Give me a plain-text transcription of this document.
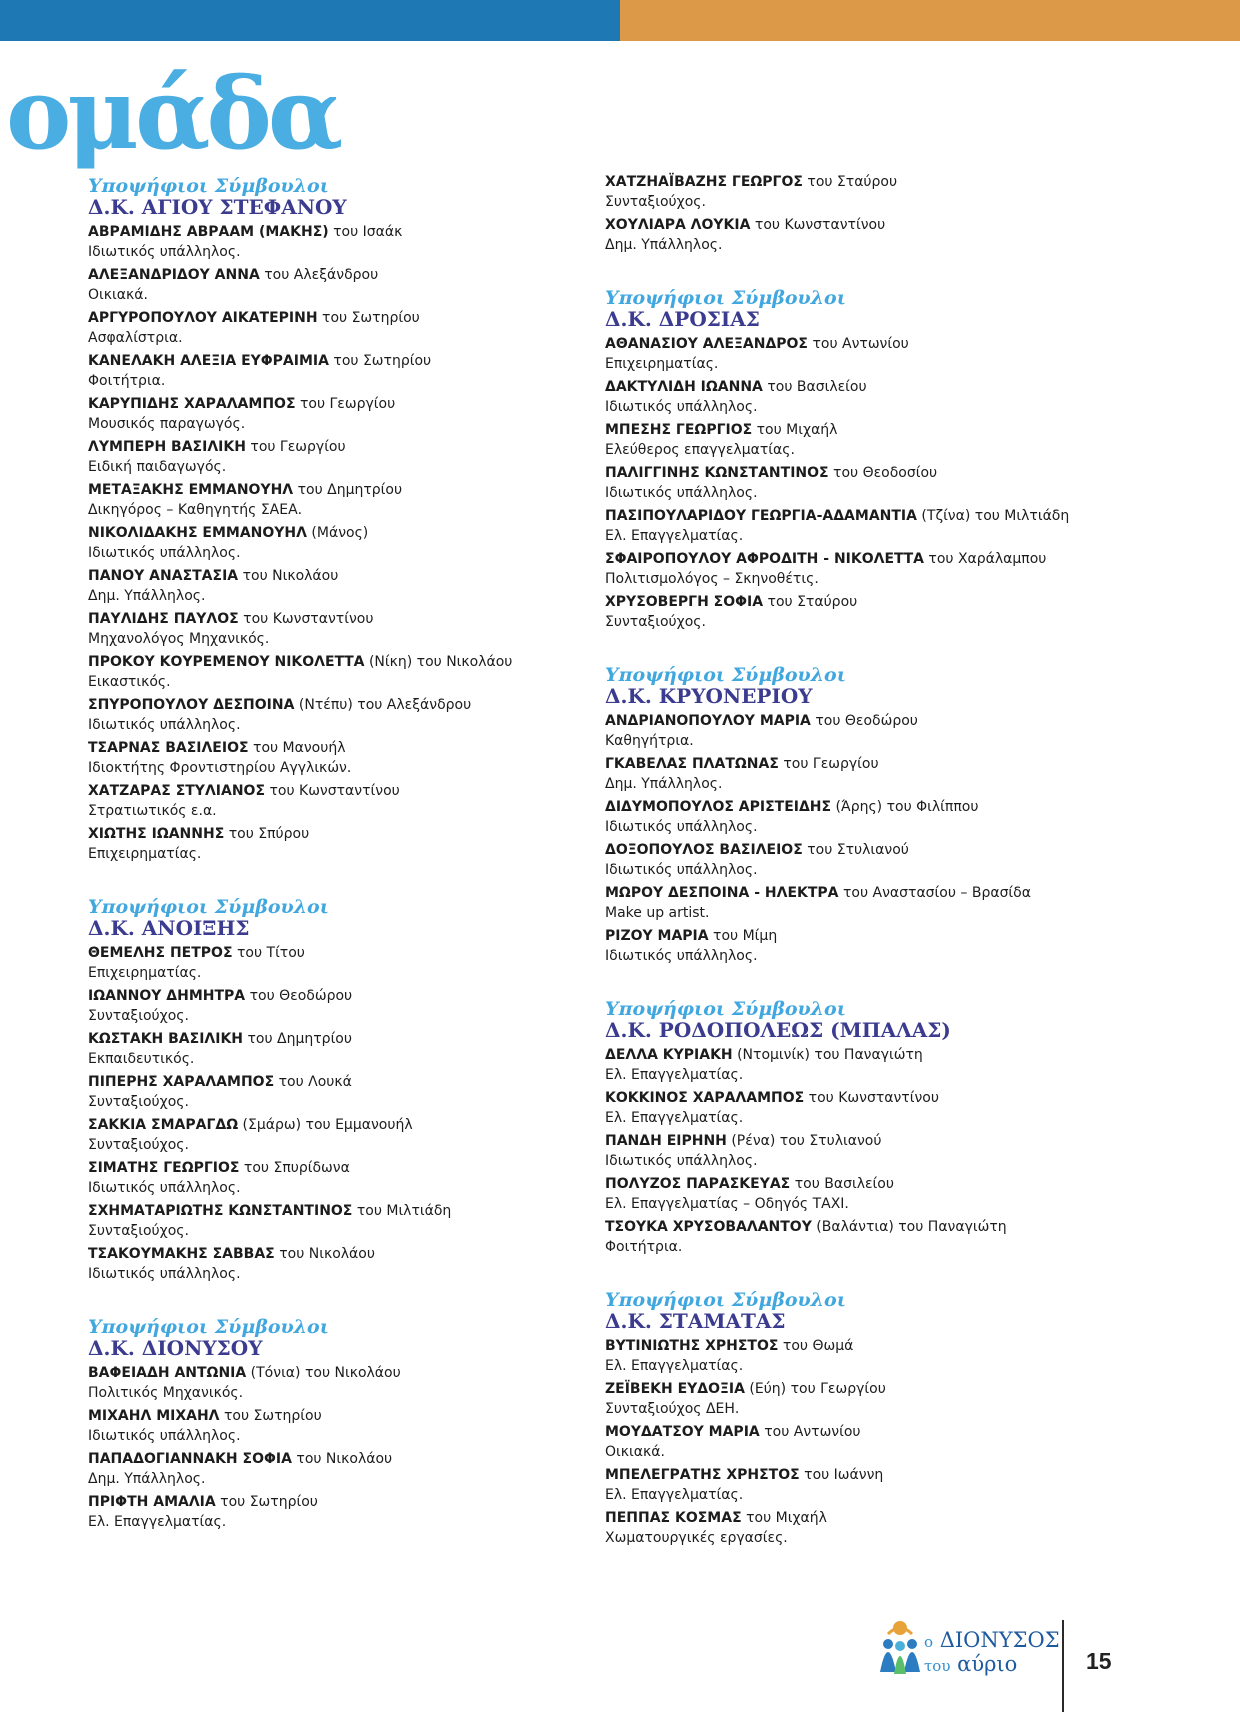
ομάδα
Υποψήφιοι Σύμβουλοι
Δ.Κ. ΑΓΙΟΥ ΣΤΕΦΑΝΟΥ
ΑΒΡΑΜΙΔΗΣ ΑΒΡΑΑΜ (ΜΑΚΗΣ) του Ισαάκ
Ιδιωτικός υπάλληλος.
ΑΛΕΞΑΝΔΡΙΔΟΥ ΑΝΝΑ του Αλεξάνδρου
Οικιακά.
ΑΡΓΥΡΟΠΟΥΛΟΥ ΑΙΚΑΤΕΡΙΝΗ του Σωτηρίου
Ασφαλίστρια.
ΚΑΝΕΛΑΚΗ ΑΛΕΞΙΑ ΕΥΦΡΑΙΜΙΑ του Σωτηρίου
Φοιτήτρια.
ΚΑΡΥΠΙΔΗΣ ΧΑΡΑΛΑΜΠΟΣ του Γεωργίου
Μουσικός παραγωγός.
ΛΥΜΠΕΡΗ ΒΑΣΙΛΙΚΗ του Γεωργίου
Ειδική παιδαγωγός.
ΜΕΤΑΞΑΚΗΣ ΕΜΜΑΝΟΥΗΛ του Δημητρίου
Δικηγόρος – Καθηγητής ΣΑΕΑ.
ΝΙΚΟΛΙΔΑΚΗΣ ΕΜΜΑΝΟΥΗΛ (Μάνος)
Ιδιωτικός υπάλληλος.
ΠΑΝΟΥ ΑΝΑΣΤΑΣΙΑ του Νικολάου
Δημ. Υπάλληλος.
ΠΑΥΛΙΔΗΣ ΠΑΥΛΟΣ του Κωνσταντίνου
Μηχανολόγος Μηχανικός.
ΠΡΟΚΟΥ ΚΟΥΡΕΜΕΝΟΥ ΝΙΚΟΛΕΤΤΑ (Νίκη) του Νικολάου
Εικαστικός.
ΣΠΥΡΟΠΟΥΛΟΥ ΔΕΣΠΟΙΝΑ (Ντέπυ) του Αλεξάνδρου
Ιδιωτικός υπάλληλος.
ΤΣΑΡΝΑΣ ΒΑΣΙΛΕΙΟΣ του Μανουήλ
Ιδιοκτήτης Φροντιστηρίου Αγγλικών.
ΧΑΤΖΑΡΑΣ ΣΤΥΛΙΑΝΟΣ του Κωνσταντίνου
Στρατιωτικός ε.α.
ΧΙΩΤΗΣ ΙΩΑΝΝΗΣ του Σπύρου
Επιχειρηματίας.
Υποψήφιοι Σύμβουλοι
Δ.Κ. ΑΝΟΙΞΗΣ
ΘΕΜΕΛΗΣ ΠΕΤΡΟΣ του Τίτου
Επιχειρηματίας.
ΙΩΑΝΝΟΥ ΔΗΜΗΤΡΑ του Θεοδώρου
Συνταξιούχος.
ΚΩΣΤΑΚΗ ΒΑΣΙΛΙΚΗ του Δημητρίου
Εκπαιδευτικός.
ΠΙΠΕΡΗΣ ΧΑΡΑΛΑΜΠΟΣ του Λουκά
Συνταξιούχος.
ΣΑΚΚΙΑ ΣΜΑΡΑΓΔΩ (Σμάρω) του Εμμανουήλ
Συνταξιούχος.
ΣΙΜΑΤΗΣ ΓΕΩΡΓΙΟΣ του Σπυρίδωνα
Ιδιωτικός υπάλληλος.
ΣΧΗΜΑΤΑΡΙΩΤΗΣ ΚΩΝΣΤΑΝΤΙΝΟΣ του Μιλτιάδη
Συνταξιούχος.
ΤΣΑΚΟΥΜΑΚΗΣ ΣΑΒΒΑΣ του Νικολάου
Ιδιωτικός υπάλληλος.
Υποψήφιοι Σύμβουλοι
Δ.Κ. ΔΙΟΝΥΣΟΥ
ΒΑΦΕΙΑΔΗ ΑΝΤΩΝΙΑ (Τόνια) του Νικολάου
Πολιτικός Μηχανικός.
ΜΙΧΑΗΛ ΜΙΧΑΗΛ του Σωτηρίου
Ιδιωτικός υπάλληλος.
ΠΑΠΑΔΟΓΙΑΝΝΑΚΗ ΣΟΦΙΑ του Νικολάου
Δημ. Υπάλληλος.
ΠΡΙΦΤΗ ΑΜΑΛΙΑ του Σωτηρίου
Ελ. Επαγγελματίας.
ΧΑΤΖΗΑΪΒΑΖΗΣ ΓΕΩΡΓΟΣ του Σταύρου
Συνταξιούχος.
ΧΟΥΛΙΑΡΑ ΛΟΥΚΙΑ του Κωνσταντίνου
Δημ. Υπάλληλος.
Υποψήφιοι Σύμβουλοι
Δ.Κ. ΔΡΟΣΙΑΣ
ΑΘΑΝΑΣΙΟΥ ΑΛΕΞΑΝΔΡΟΣ του Αντωνίου
Επιχειρηματίας.
ΔΑΚΤΥΛΙΔΗ ΙΩΑΝΝΑ του Βασιλείου
Ιδιωτικός υπάλληλος.
ΜΠΕΣΗΣ ΓΕΩΡΓΙΟΣ του Μιχαήλ
Ελεύθερος επαγγελματίας.
ΠΑΛΙΓΓΙΝΗΣ ΚΩΝΣΤΑΝΤΙΝΟΣ του Θεοδοσίου
Ιδιωτικός υπάλληλος.
ΠΑΣΙΠΟΥΛΑΡΙΔΟΥ ΓΕΩΡΓΙΑ-ΑΔΑΜΑΝΤΙΑ (Τζίνα) του Μιλτιάδη
Ελ. Επαγγελματίας.
ΣΦΑΙΡΟΠΟΥΛΟΥ ΑΦΡΟΔΙΤΗ - ΝΙΚΟΛΕΤΤΑ του Χαράλαμπου
Πολιτισμολόγος – Σκηνοθέτις.
ΧΡΥΣΟΒΕΡΓΗ ΣΟΦΙΑ του Σταύρου
Συνταξιούχος.
Υποψήφιοι Σύμβουλοι
Δ.Κ. ΚΡΥΟΝΕΡΙΟΥ
ΑΝΔΡΙΑΝΟΠΟΥΛΟΥ ΜΑΡΙΑ του Θεοδώρου
Καθηγήτρια.
ΓΚΑΒΕΛΑΣ ΠΛΑΤΩΝΑΣ του Γεωργίου
Δημ. Υπάλληλος.
ΔΙΔΥΜΟΠΟΥΛΟΣ ΑΡΙΣΤΕΙΔΗΣ (Άρης) του Φιλίππου
Ιδιωτικός υπάλληλος.
ΔΟΞΟΠΟΥΛΟΣ ΒΑΣΙΛΕΙΟΣ του Στυλιανού
Ιδιωτικός υπάλληλος.
ΜΩΡΟΥ ΔΕΣΠΟΙΝΑ - ΗΛΕΚΤΡΑ του Αναστασίου – Βρασίδα
Make up artist.
ΡΙΖΟΥ ΜΑΡΙΑ του Μίμη
Ιδιωτικός υπάλληλος.
Υποψήφιοι Σύμβουλοι
Δ.Κ. ΡΟΔΟΠΟΛΕΩΣ (ΜΠΑΛΑΣ)
ΔΕΛΛΑ ΚΥΡΙΑΚΗ (Ντομινίκ) του Παναγιώτη
Ελ. Επαγγελματίας.
ΚΟΚΚΙΝΟΣ ΧΑΡΑΛΑΜΠΟΣ του Κωνσταντίνου
Ελ. Επαγγελματίας.
ΠΑΝΔΗ ΕΙΡΗΝΗ (Ρένα) του Στυλιανού
Ιδιωτικός υπάλληλος.
ΠΟΛΥΖΟΣ ΠΑΡΑΣΚΕΥΑΣ του Βασιλείου
Ελ. Επαγγελματίας – Οδηγός ΤΑΧΙ.
ΤΣΟΥΚΑ ΧΡΥΣΟΒΑΛΑΝΤΟΥ (Βαλάντια) του Παναγιώτη
Φοιτήτρια.
Υποψήφιοι Σύμβουλοι
Δ.Κ. ΣΤΑΜΑΤΑΣ
ΒΥΤΙΝΙΩΤΗΣ ΧΡΗΣΤΟΣ του Θωμά
Ελ. Επαγγελματίας.
ΖΕΪΒΕΚΗ ΕΥΔΟΞΙΑ (Εύη) του Γεωργίου
Συνταξιούχος ΔΕΗ.
ΜΟΥΔΑΤΣΟΥ ΜΑΡΙΑ του Αντωνίου
Οικιακά.
ΜΠΕΛΕΓΡΑΤΗΣ ΧΡΗΣΤΟΣ του Ιωάννη
Ελ. Επαγγελματίας.
ΠΕΠΠΑΣ ΚΟΣΜΑΣ του Μιχαήλ
Χωματουργικές εργασίες.
ο ΔΙΟΝΥΣΟΣ
του αύριο	15
